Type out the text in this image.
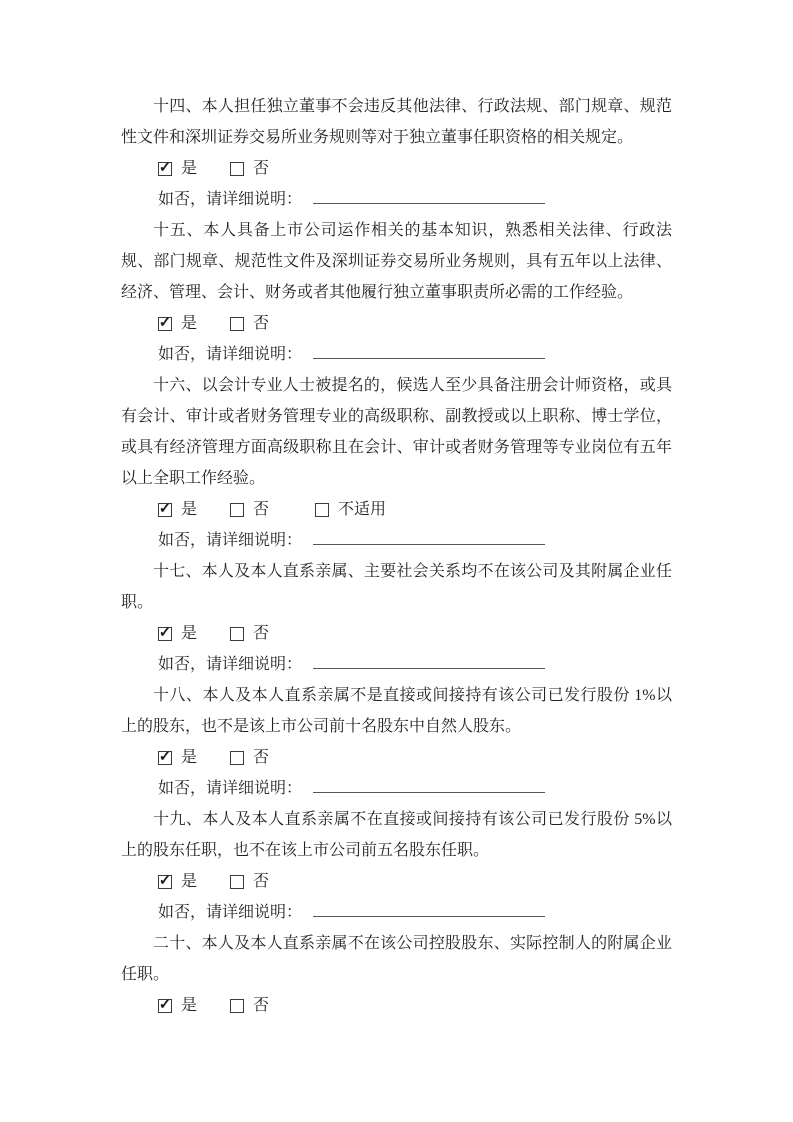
十四、本人担任独立董事不会违反其他法律、行政法规、部门规章、规范性文件和深圳证券交易所业务规则等对于独立董事任职资格的相关规定。

✓ 是	否
如否，请详细说明：

十五、本人具备上市公司运作相关的基本知识，熟悉相关法律、行政法规、部门规章、规范性文件及深圳证券交易所业务规则，具有五年以上法律、经济、管理、会计、财务或者其他履行独立董事职责所必需的工作经验。

✓ 是	否
如否，请详细说明：

十六、以会计专业人士被提名的，候选人至少具备注册会计师资格，或具有会计、审计或者财务管理专业的高级职称、副教授或以上职称、博士学位，或具有经济管理方面高级职称且在会计、审计或者财务管理等专业岗位有五年以上全职工作经验。

✓ 是	否	不适用
如否，请详细说明：

十七、本人及本人直系亲属、主要社会关系均不在该公司及其附属企业任职。

✓ 是	否
如否，请详细说明：

十八、本人及本人直系亲属不是直接或间接持有该公司已发行股份 1%以上的股东，也不是该上市公司前十名股东中自然人股东。

✓ 是	否
如否，请详细说明：

十九、本人及本人直系亲属不在直接或间接持有该公司已发行股份 5%以上的股东任职，也不在该上市公司前五名股东任职。

✓ 是	否
如否，请详细说明：

二十、本人及本人直系亲属不在该公司控股股东、实际控制人的附属企业任职。

✓ 是	否
